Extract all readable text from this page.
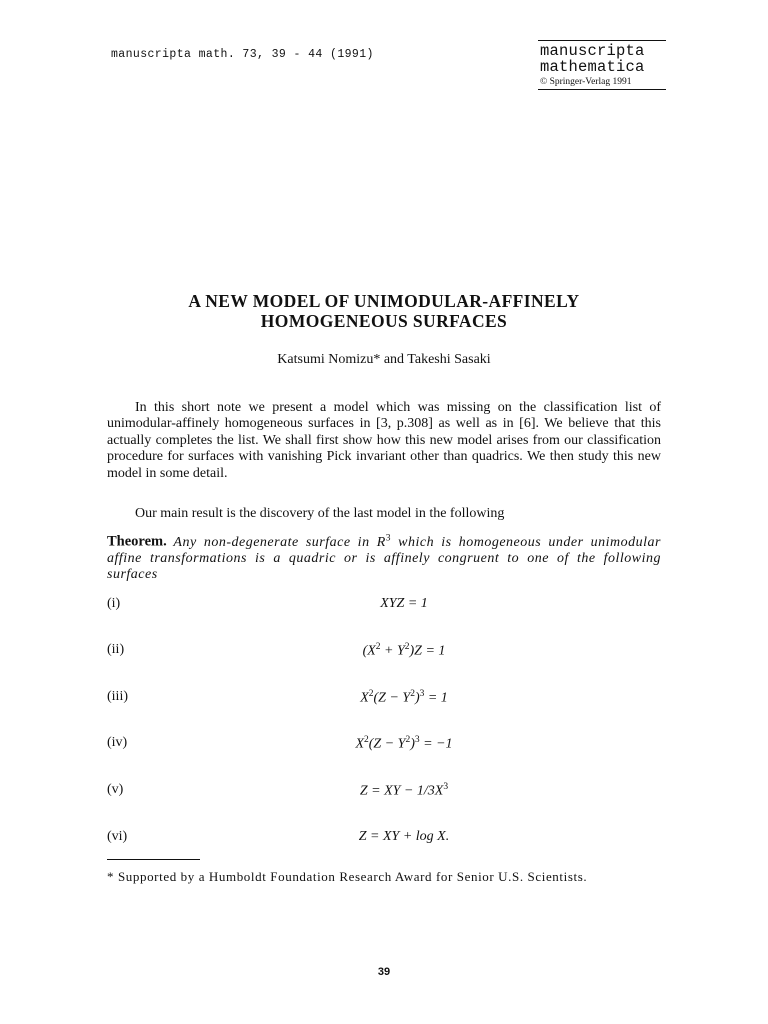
manuscripta math. 73, 39 - 44 (1991)	manuscripta
mathematica
© Springer-Verlag 1991
A NEW MODEL OF UNIMODULAR-AFFINELY
HOMOGENEOUS SURFACES
Katsumi Nomizu* and Takeshi Sasaki
In this short note we present a model which was missing on the classification list of unimodular-affinely homogeneous surfaces in [3, p.308] as well as in [6]. We believe that this actually completes the list. We shall first show how this new model arises from our classification procedure for surfaces with vanishing Pick invariant other than quadrics. We then study this new model in some detail.
Our main result is the discovery of the last model in the following
Theorem. Any non-degenerate surface in $R^3$ which is homogeneous under unimodular affine transformations is a quadric or is affinely congruent to one of the following surfaces
(i)	XYZ = 1
(ii)	$(X^2 + Y^2)Z = 1$
(iii)	$X^2(Z - Y^2)^3 = 1$
(iv)	$X^2(Z - Y^2)^3 = -1$
(v)	Z = XY − $1/3X^3$
(vi)	Z = XY + log X.
* Supported by a Humboldt Foundation Research Award for Senior U.S. Scientists.
39
